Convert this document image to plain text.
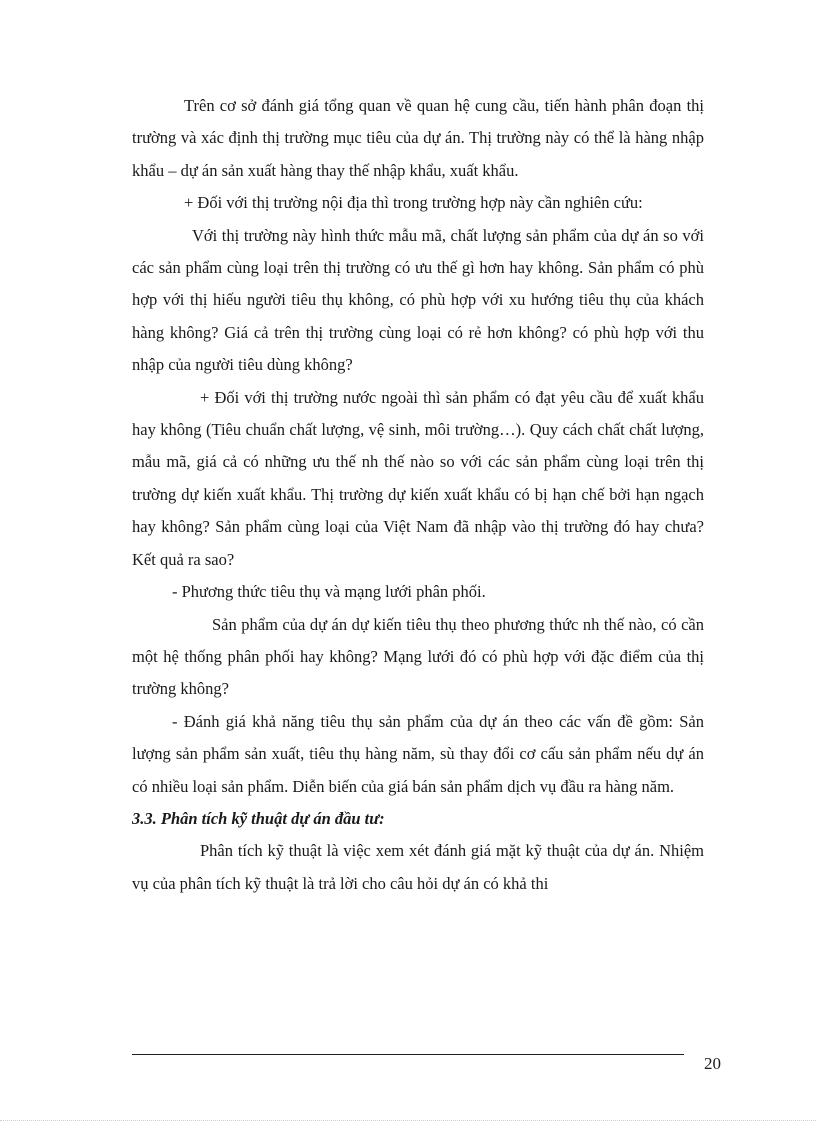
Trên cơ sở đánh giá tổng quan về quan hệ cung cầu, tiến hành phân đoạn thị trường và xác định thị trường mục tiêu của dự án. Thị trường này có thể là hàng nhập khẩu – dự án sản xuất hàng thay thế nhập khẩu, xuất khẩu.

+ Đối với thị trường nội địa thì trong trường hợp này cần nghiên cứu:

Với thị trường này hình thức mẫu mã, chất lượng sản phẩm của dự án so với các sản phẩm cùng loại trên thị trường có ưu thế gì hơn hay không. Sản phẩm có phù hợp với thị hiếu người tiêu thụ không, có phù hợp với xu hướng tiêu thụ của khách hàng không? Giá cả trên thị trường cùng loại có rẻ hơn không? có phù hợp với thu nhập của người tiêu dùng không?

+ Đối với thị trường nước ngoài thì sản phẩm có đạt yêu cầu để xuất khẩu hay không (Tiêu chuẩn chất lượng, vệ sinh, môi trường…). Quy cách chất chất lượng, mẫu mã, giá cả có những ưu thế nh thế nào so với các sản phẩm cùng loại trên thị trường dự kiến xuất khẩu. Thị trường dự kiến xuất khẩu có bị hạn chế bởi hạn ngạch hay không? Sản phẩm cùng loại của Việt Nam đã nhập vào thị trường đó hay chưa? Kết quả ra sao?

- Phương thức tiêu thụ và mạng lưới phân phối.

Sản phẩm của dự án dự kiến tiêu thụ theo phương thức nh thế nào, có cần một hệ thống phân phối hay không? Mạng lưới đó có phù hợp với đặc điểm của thị trường không?

- Đánh giá khả năng tiêu thụ sản phẩm của dự án theo các vấn đề gồm: Sản lượng sản phẩm sản xuất, tiêu thụ hàng năm, sù thay đổi cơ cấu sản phẩm nếu dự án có nhiều loại sản phẩm. Diễn biến của giá bán sản phẩm dịch vụ đầu ra hàng năm.

3.3. Phân tích kỹ thuật dự án đầu tư:

Phân tích kỹ thuật là việc xem xét đánh giá mặt kỹ thuật của dự án. Nhiệm vụ của phân tích kỹ thuật là trả lời cho câu hỏi dự án có khả thi

20
